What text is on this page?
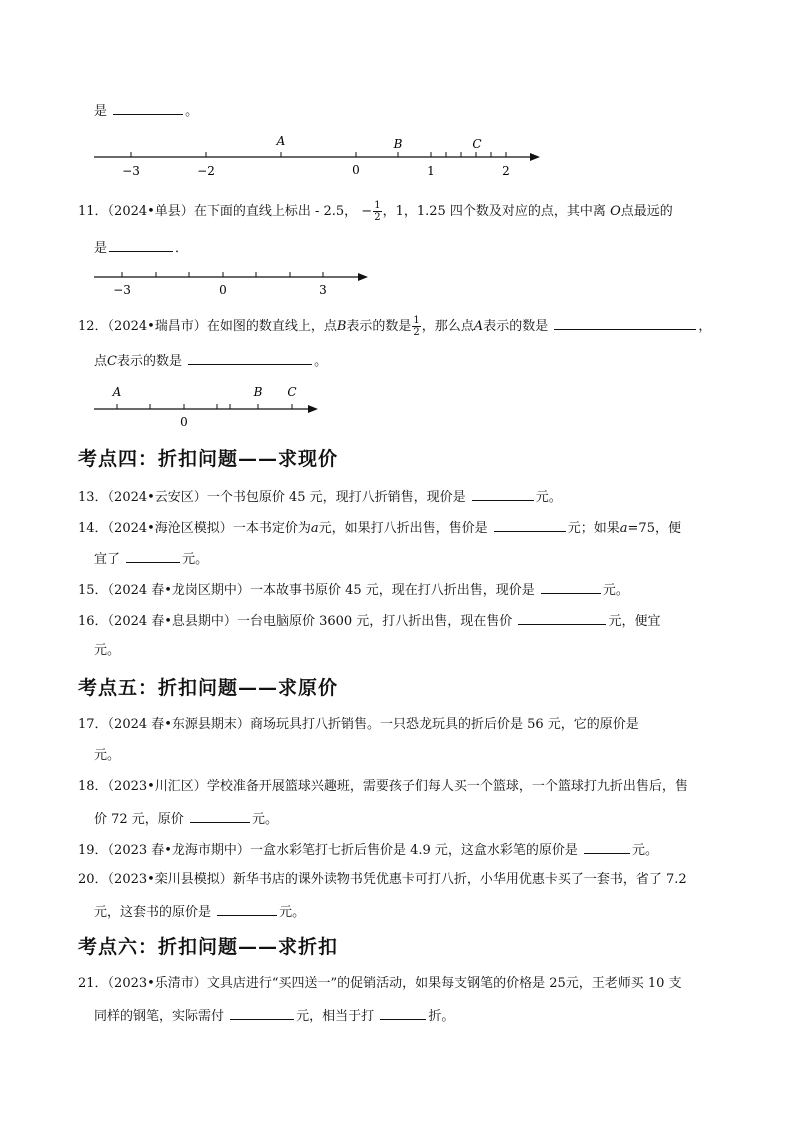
是	。
−3	−2	0	1	2
A	B	C
11．（2024•单县）在下面的直线上标出 - 2.5， − $\frac{1}{2}$ ，1，1.25 四个数及对应的点，其中离 O点最远的
是	．
−3	0	3
12．（2024•瑞昌市）在如图的数直线上，点B表示的数是 $\frac{1}{2}$ ，那么点A表示的数是	，
点C表示的数是	。
0
A	B C
考点四：折扣问题——求现价
13．（2024•云安区）一个书包原价 45 元，现打八折销售，现价是	元。
14．（2024•海沧区模拟）一本书定价为a元，如果打八折出售，售价是	元；如果a=75，便
宜了	元。
15．（2024 春•龙岗区期中）一本故事书原价 45 元，现在打八折出售，现价是	元。
16．（2024 春•息县期中）一台电脑原价 3600 元，打八折出售，现在售价	元，便宜
元。
考点五：折扣问题——求原价
17．（2024 春•东源县期末）商场玩具打八折销售。一只恐龙玩具的折后价是 56 元，它的原价是
元。
18．（2023•川汇区）学校准备开展篮球兴趣班，需要孩子们每人买一个篮球，一个篮球打九折出售后，售
价 72 元，原价	元。
19．（2023 春•龙海市期中）一盒水彩笔打七折后售价是 4.9 元，这盒水彩笔的原价是	元。
20．（2023•栾川县模拟）新华书店的课外读物书凭优惠卡可打八折，小华用优惠卡买了一套书，省了 7.2
元，这套书的原价是	元。
考点六：折扣问题——求折扣
21．（2023•乐清市）文具店进行“买四送一”的促销活动，如果每支钢笔的价格是 25元，王老师买 10 支
同样的钢笔，实际需付	元，相当于打	折。
